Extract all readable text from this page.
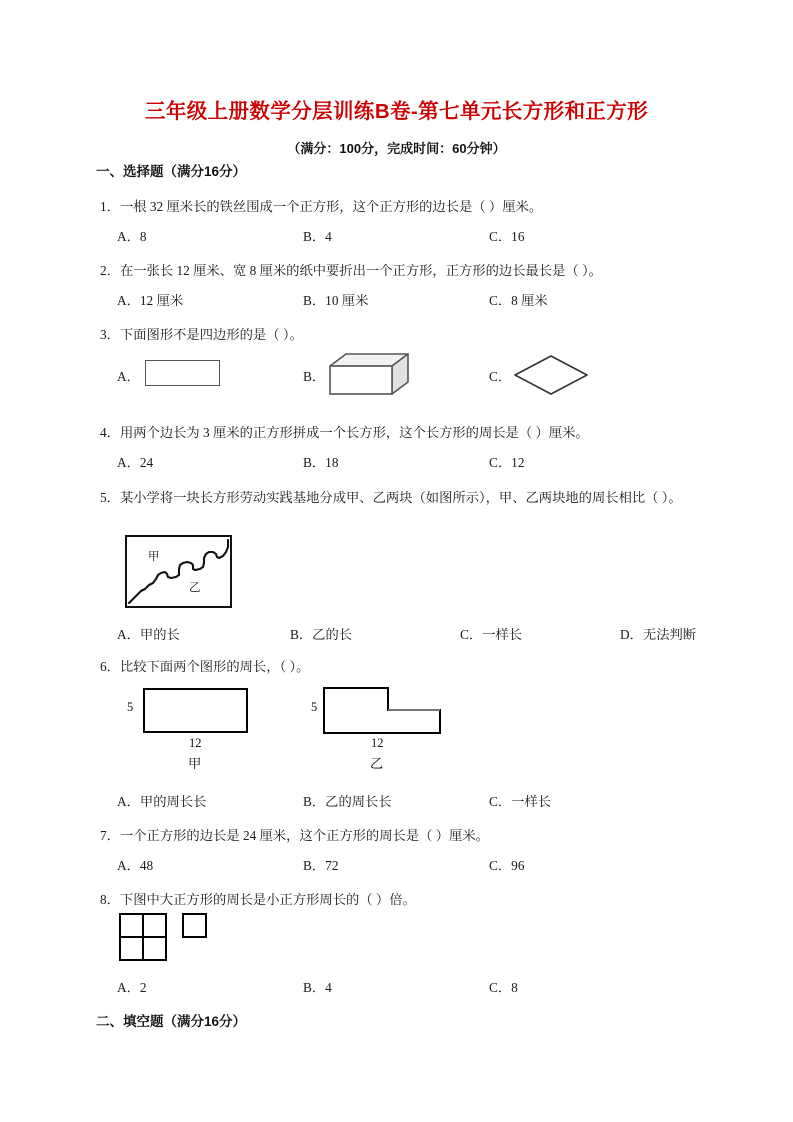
三年级上册数学分层训练B卷-第七单元长方形和正方形
（满分：100分，完成时间：60分钟）
一、选择题（满分16分）
1．一根 32 厘米长的铁丝围成一个正方形，这个正方形的边长是（ ）厘米。
A．8	B．4	C．16
2．在一张长 12 厘米、宽 8 厘米的纸中要折出一个正方形，正方形的边长最长是（ ）。
A．12 厘米	B．10 厘米	C．8 厘米
3．下面图形不是四边形的是（ ）。
A．	B．	C．
4．用两个边长为 3 厘米的正方形拼成一个长方形，这个长方形的周长是（ ）厘米。
A．24	B．18	C．12
5．某小学将一块长方形劳动实践基地分成甲、乙两块（如图所示），甲、乙两块地的周长相比（ ）。
甲
乙
A．甲的长	B．乙的长	C．一样长	D．无法判断
6．比较下面两个图形的周长，（ ）。
5
12
甲
5
12
乙
A．甲的周长长	B．乙的周长长	C．一样长
7．一个正方形的边长是 24 厘米，这个正方形的周长是（ ）厘米。
A．48	B．72	C．96
8．下图中大正方形的周长是小正方形周长的（ ）倍。
A．2	B．4	C．8
二、填空题（满分16分）
